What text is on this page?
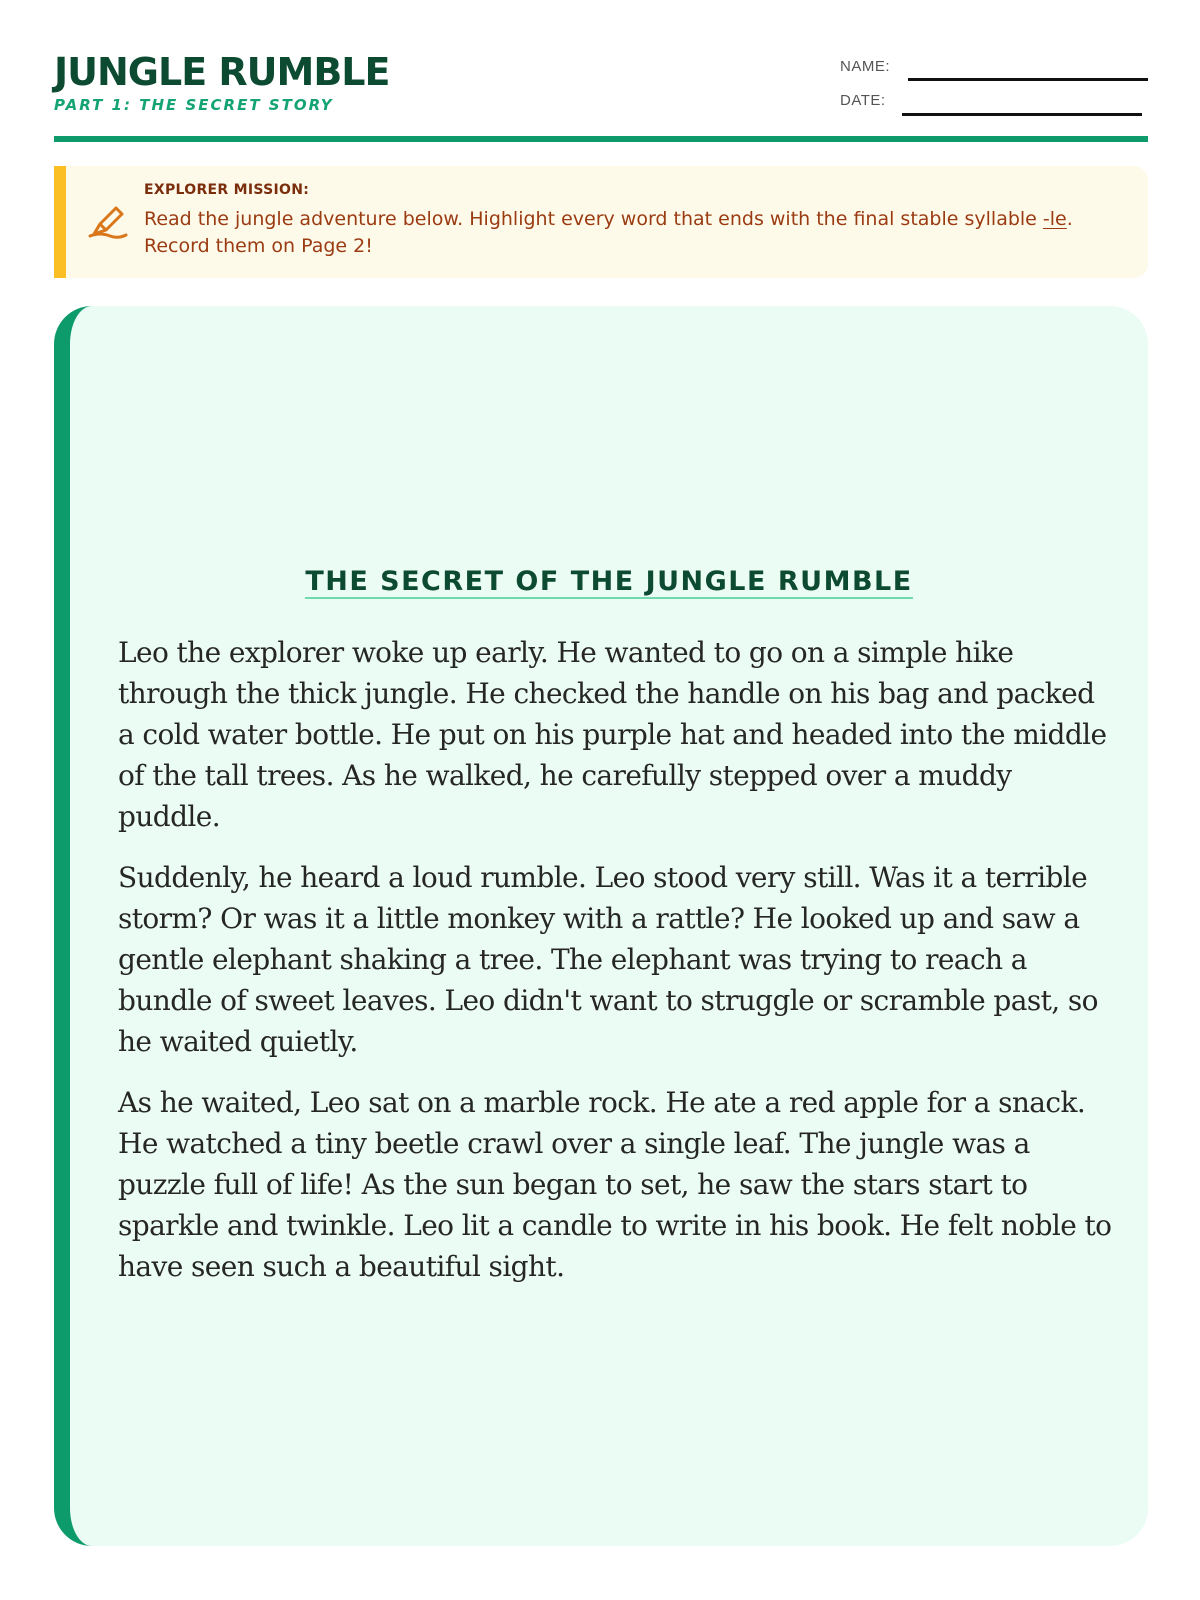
JUNGLE RUMBLE
PART 1: THE SECRET STORY
NAME:
DATE:
EXPLORER MISSION:
Read the jungle adventure below. Highlight every word that ends with the final stable syllable -le. Record them on Page 2!
THE SECRET OF THE JUNGLE RUMBLE

Leo the explorer woke up early. He wanted to go on a simple hike through the thick jungle. He checked the handle on his bag and packed a cold water bottle. He put on his purple hat and headed into the middle of the tall trees. As he walked, he carefully stepped over a muddy puddle.

Suddenly, he heard a loud rumble. Leo stood very still. Was it a terrible storm? Or was it a little monkey with a rattle? He looked up and saw a gentle elephant shaking a tree. The elephant was trying to reach a bundle of sweet leaves. Leo didn't want to struggle or scramble past, so he waited quietly.

As he waited, Leo sat on a marble rock. He ate a red apple for a snack. He watched a tiny beetle crawl over a single leaf. The jungle was a puzzle full of life! As the sun began to set, he saw the stars start to sparkle and twinkle. Leo lit a candle to write in his book. He felt noble to have seen such a beautiful sight.
